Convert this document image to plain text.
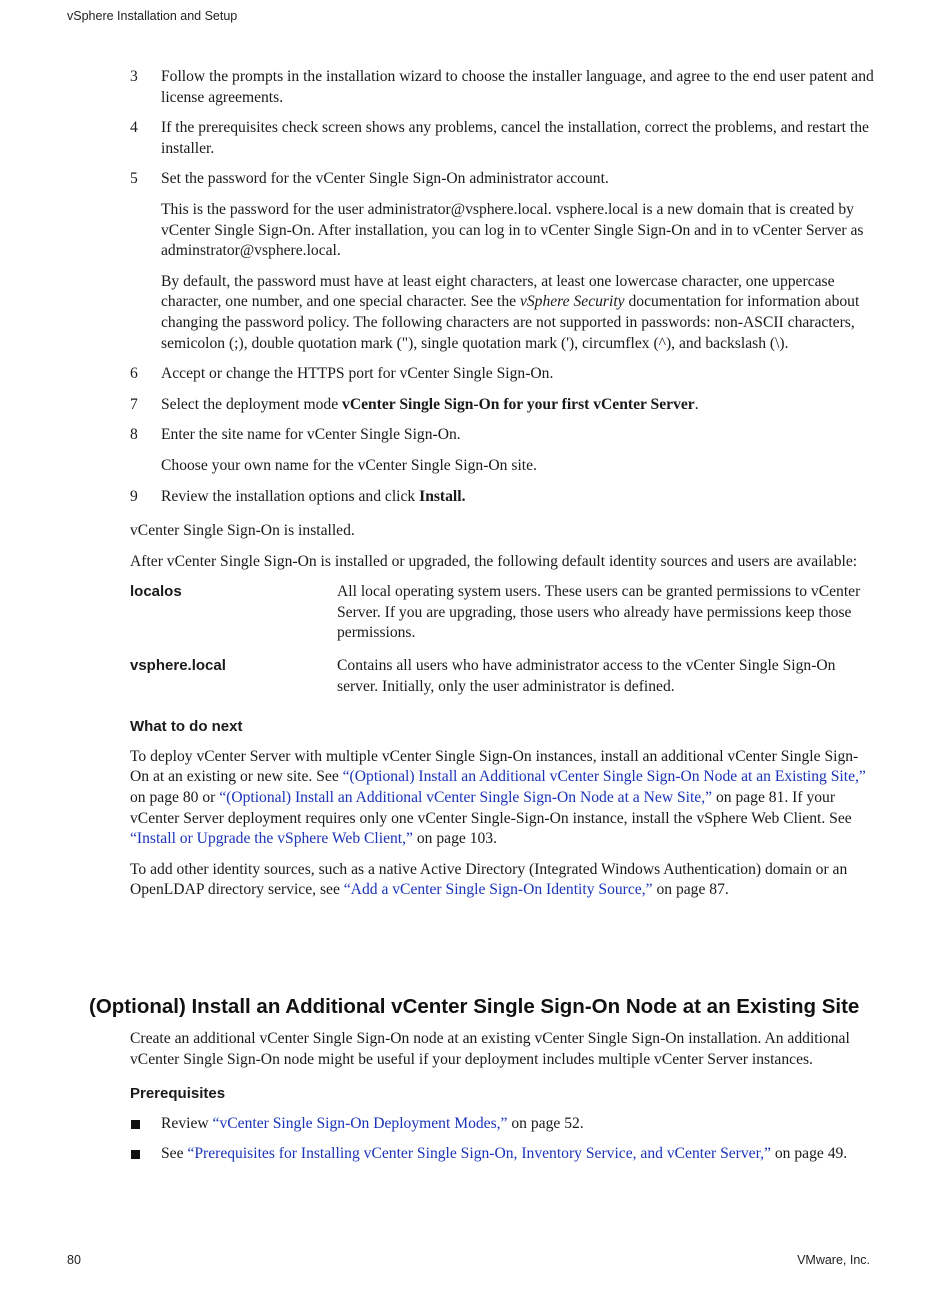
vSphere Installation and Setup
3 Follow the prompts in the installation wizard to choose the installer language, and agree to the end user patent and license agreements.
4 If the prerequisites check screen shows any problems, cancel the installation, correct the problems, and restart the installer.
5 Set the password for the vCenter Single Sign-On administrator account.
This is the password for the user administrator@vsphere.local. vsphere.local is a new domain that is created by vCenter Single Sign-On. After installation, you can log in to vCenter Single Sign-On and in to vCenter Server as adminstrator@vsphere.local.
By default, the password must have at least eight characters, at least one lowercase character, one uppercase character, one number, and one special character. See the vSphere Security documentation for information about changing the password policy. The following characters are not supported in passwords: non-ASCII characters, semicolon (;), double quotation mark ("), single quotation mark ('), circumflex (^), and backslash (\).
6 Accept or change the HTTPS port for vCenter Single Sign-On.
7 Select the deployment mode vCenter Single Sign-On for your first vCenter Server.
8 Enter the site name for vCenter Single Sign-On.
Choose your own name for the vCenter Single Sign-On site.
9 Review the installation options and click Install.
vCenter Single Sign-On is installed.
After vCenter Single Sign-On is installed or upgraded, the following default identity sources and users are available:
localos	All local operating system users. These users can be granted permissions to vCenter Server. If you are upgrading, those users who already have permissions keep those permissions.
vsphere.local	Contains all users who have administrator access to the vCenter Single Sign-On server. Initially, only the user administrator is defined.
What to do next
To deploy vCenter Server with multiple vCenter Single Sign-On instances, install an additional vCenter Single Sign-On at an existing or new site. See “(Optional) Install an Additional vCenter Single Sign-On Node at an Existing Site,” on page 80 or “(Optional) Install an Additional vCenter Single Sign-On Node at a New Site,” on page 81. If your vCenter Server deployment requires only one vCenter Single-Sign-On instance, install the vSphere Web Client. See “Install or Upgrade the vSphere Web Client,” on page 103.
To add other identity sources, such as a native Active Directory (Integrated Windows Authentication) domain or an OpenLDAP directory service, see “Add a vCenter Single Sign-On Identity Source,” on page 87.
(Optional) Install an Additional vCenter Single Sign-On Node at an Existing Site
Create an additional vCenter Single Sign-On node at an existing vCenter Single Sign-On installation. An additional vCenter Single Sign-On node might be useful if your deployment includes multiple vCenter Server instances.
Prerequisites
Review “vCenter Single Sign-On Deployment Modes,” on page 52.
See “Prerequisites for Installing vCenter Single Sign-On, Inventory Service, and vCenter Server,” on page 49.
80	VMware, Inc.
